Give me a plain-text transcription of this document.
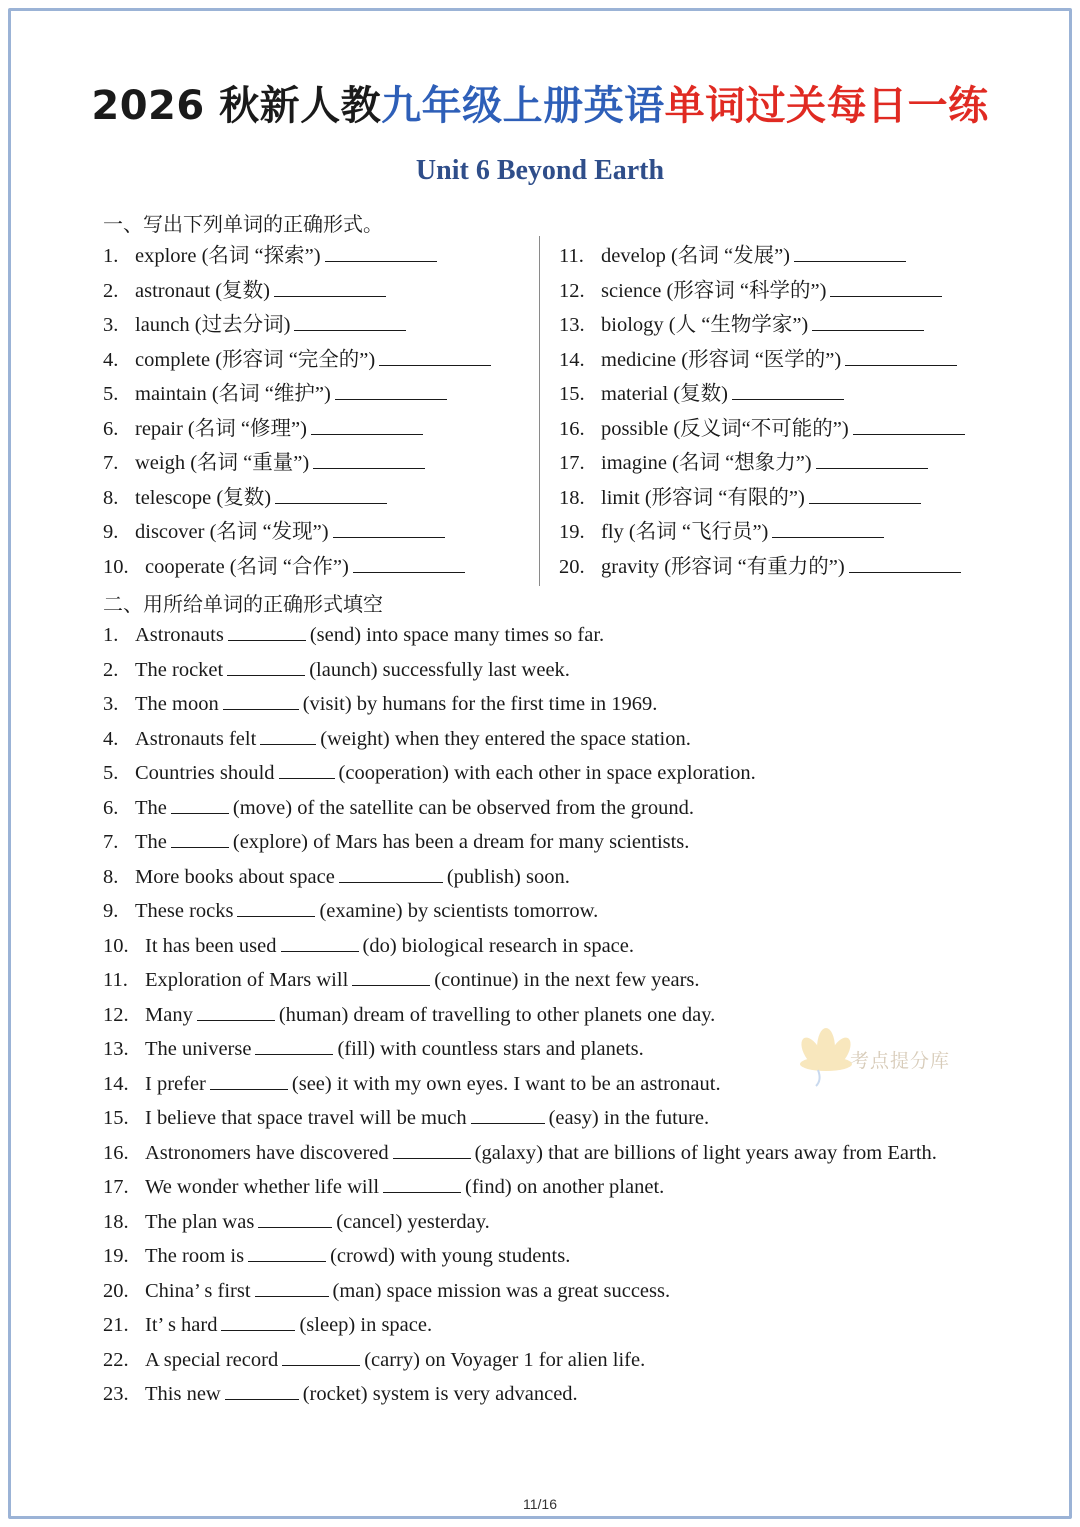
2026 秋新人教九年级上册英语单词过关每日一练
Unit 6 Beyond Earth
一、写出下列单词的正确形式。
1. explore (名词 “探索”)
2. astronaut (复数)
3. launch (过去分词)
4. complete (形容词 “完全的”)
5. maintain (名词 “维护”)
6. repair (名词 “修理”)
7. weigh (名词 “重量”)
8. telescope (复数)
9. discover (名词 “发现”)
10. cooperate (名词 “合作”)
11. develop (名词 “发展”)
12. science (形容词 “科学的”)
13. biology (人 “生物学家”)
14. medicine (形容词 “医学的”)
15. material (复数)
16. possible (反义词“不可能的”)
17. imagine (名词 “想象力”)
18. limit (形容词 “有限的”)
19. fly (名词 “飞行员”)
20. gravity (形容词 “有重力的”)
二、用所给单词的正确形式填空
1. Astronauts	(send) into space many times so far.
2. The rocket	(launch) successfully last week.
3. The moon	(visit) by humans for the first time in 1969.
4. Astronauts felt	(weight) when they entered the space station.
5. Countries should	(cooperation) with each other in space exploration.
6. The	(move) of the satellite can be observed from the ground.
7. The	(explore) of Mars has been a dream for many scientists.
8. More books about space	(publish) soon.
9. These rocks	(examine) by scientists tomorrow.
10. It has been used	(do) biological research in space.
11. Exploration of Mars will	(continue) in the next few years.
12. Many	(human) dream of travelling to other planets one day.
13. The universe	(fill) with countless stars and planets.
14. I prefer	(see) it with my own eyes. I want to be an astronaut.
15. I believe that space travel will be much	(easy) in the future.
16. Astronomers have discovered	(galaxy) that are billions of light years away from Earth.
17. We wonder whether life will	(find) on another planet.
18. The plan was	(cancel) yesterday.
19. The room is	(crowd) with young students.
20. China’ s first	(man) space mission was a great success.
21. It’ s hard	(sleep) in space.
22. A special record	(carry) on Voyager 1 for alien life.
23. This new	(rocket) system is very advanced.
考点提分库
11/16
